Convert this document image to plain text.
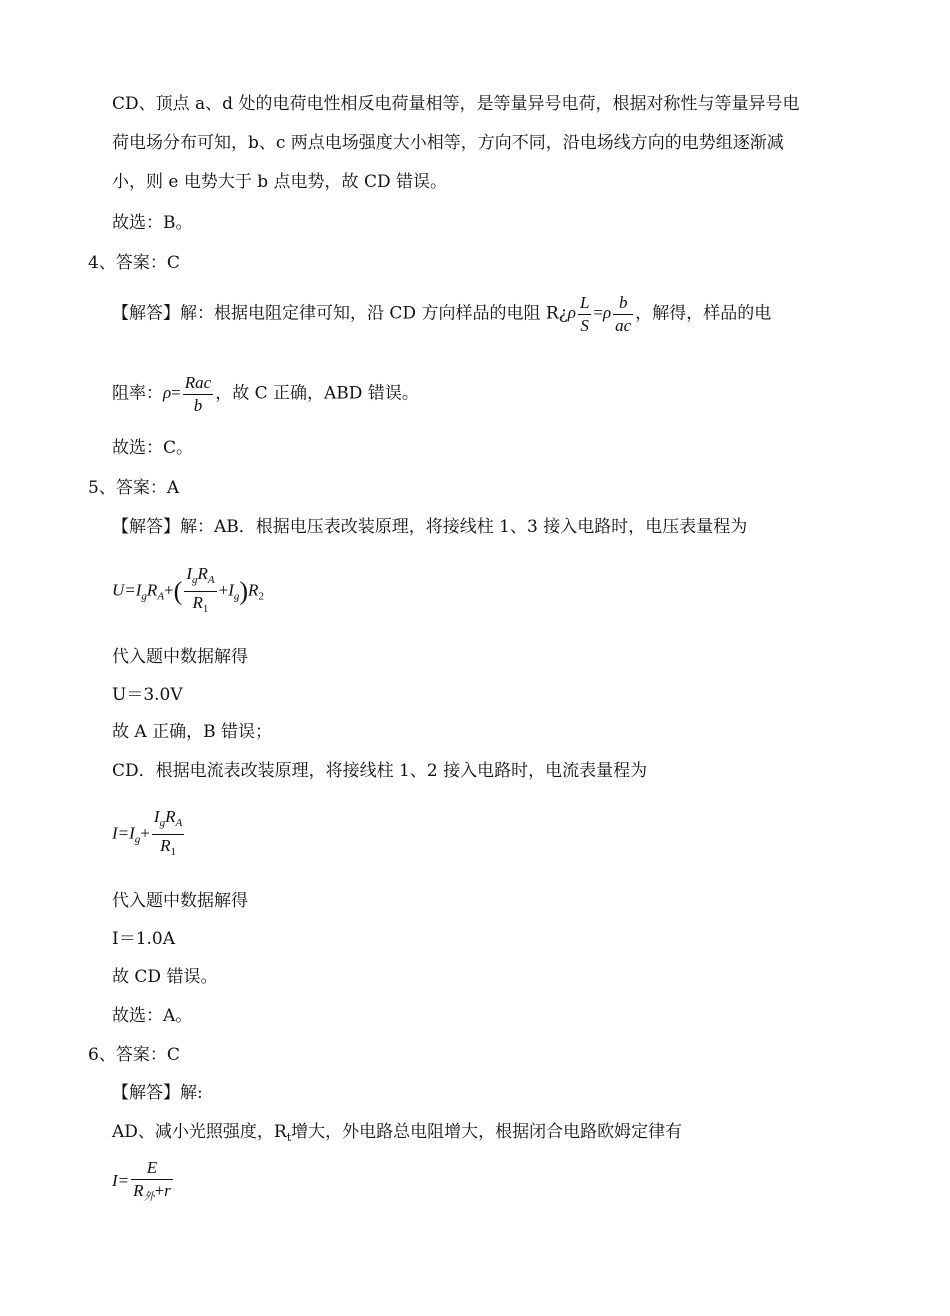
CD、顶点 a、d 处的电荷电性相反电荷量相等，是等量异号电荷，根据对称性与等量异号电
荷电场分布可知，b、c 两点电场强度大小相等，方向不同，沿电场线方向的电势组逐渐减
小，则 e 电势大于 b 点电势，故 CD 错误。
故选：B。
4、答案：C
【解答】解：根据电阻定律可知，沿 CD 方向样品的电阻 R¿ρ $\frac{L}{S} =\rho \frac{b}{ac}$ ，解得，样品的电
阻率：$\rho= \frac{\text{Rac}}{b}$ ，故 C 正确，ABD 错误。
故选：C。
5、答案：A
【解答】解：AB．根据电压表改装原理，将接线柱 1、3 接入电路时，电压表量程为
$U=I_gR_A+( \frac{I_gR_A}{R_1} +I_g)R_2$
代入题中数据解得
U＝3.0V
故 A 正确，B 错误；
CD．根据电流表改装原理，将接线柱 1、2 接入电路时，电流表量程为
$I=I_g+ \frac{I_gR_A}{R_1}$
代入题中数据解得
I＝1.0A
故 CD 错误。
故选：A。
6、答案：C
【解答】解:
AD、减小光照强度，$R_t$增大，外电路总电阻增大，根据闭合电路欧姆定律有
$I= \frac{E}{R_外+r}$
